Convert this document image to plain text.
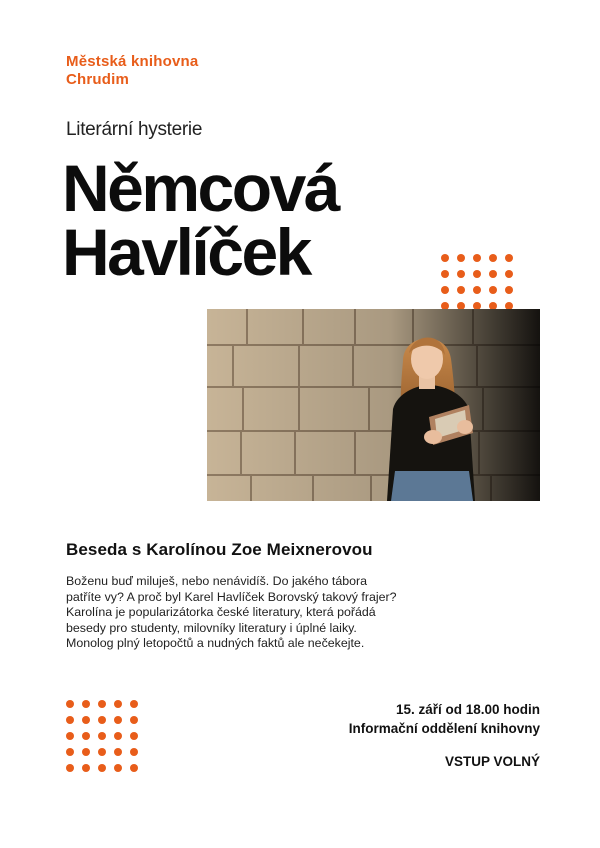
Městská knihovna
Chrudim
Literární hysterie
Němcová
Havlíček
Beseda s Karolínou Zoe Meixnerovou
Boženu buď miluješ, nebo nenávidíš. Do jakého tábora
patříte vy? A proč byl Karel Havlíček Borovský takový frajer?
Karolína je popularizátorka české literatury, která pořádá
besedy pro studenty, milovníky literatury i úplné laiky.
Monolog plný letopočtů a nudných faktů ale nečekejte.
15. září od 18.00 hodin
Informační oddělení knihovny
VSTUP VOLNÝ
